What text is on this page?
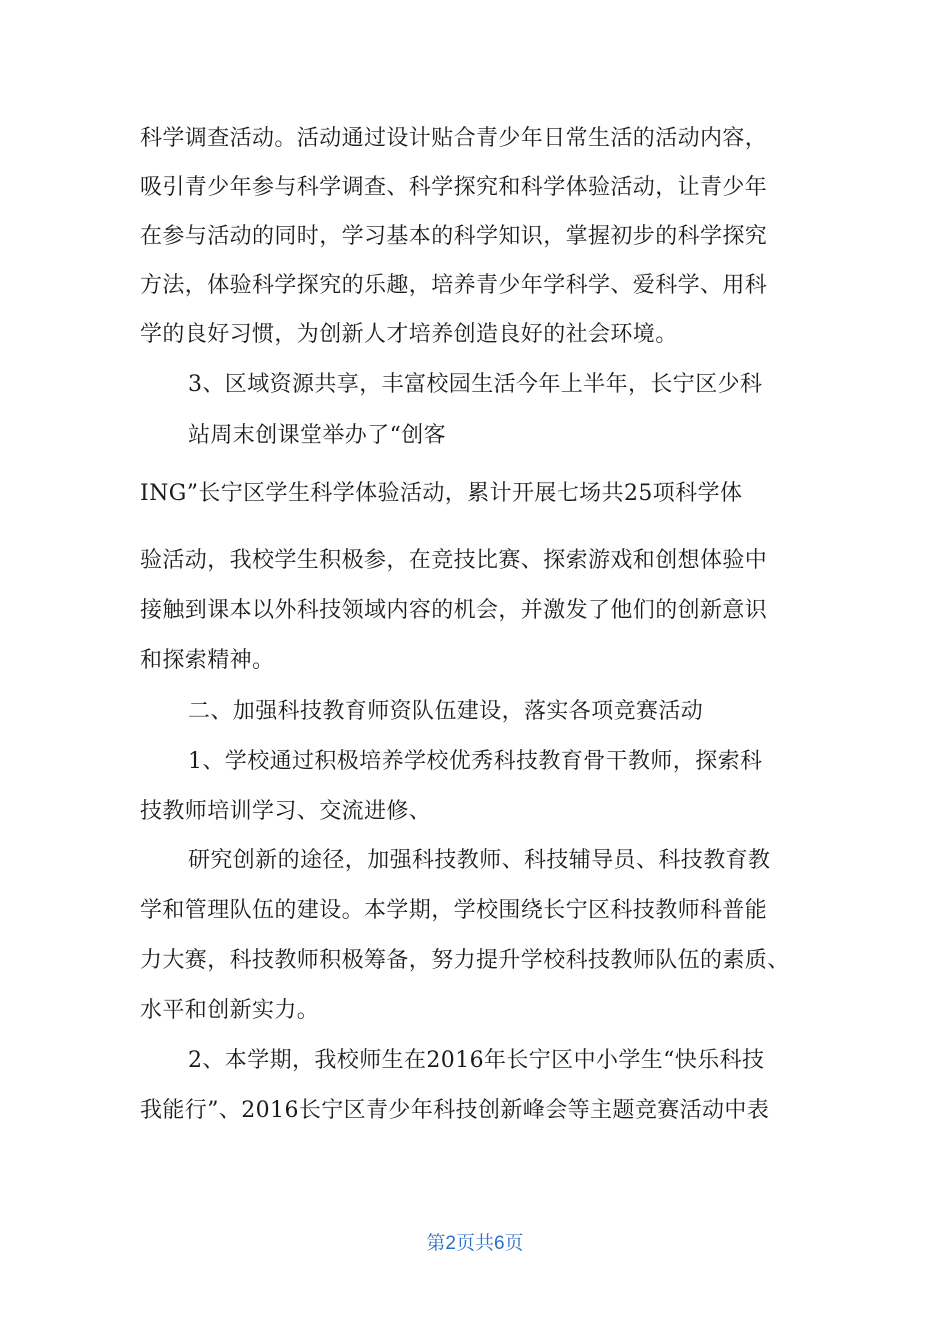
科学调查活动。活动通过设计贴合青少年日常生活的活动内容，
吸引青少年参与科学调查、科学探究和科学体验活动，让青少年
在参与活动的同时，学习基本的科学知识，掌握初步的科学探究
方法，体验科学探究的乐趣，培养青少年学科学、爱科学、用科
学的良好习惯，为创新人才培养创造良好的社会环境。
3、区域资源共享，丰富校园生活今年上半年，长宁区少科
站周末创课堂举办了“创客
ING”长宁区学生科学体验活动，累计开展七场共25项科学体
验活动，我校学生积极参，在竞技比赛、探索游戏和创想体验中
接触到课本以外科技领域内容的机会，并激发了他们的创新意识
和探索精神。
二、加强科技教育师资队伍建设，落实各项竞赛活动
1、学校通过积极培养学校优秀科技教育骨干教师，探索科
技教师培训学习、交流进修、
研究创新的途径，加强科技教师、科技辅导员、科技教育教
学和管理队伍的建设。本学期，学校围绕长宁区科技教师科普能
力大赛，科技教师积极筹备，努力提升学校科技教师队伍的素质、
水平和创新实力。
2、本学期，我校师生在2016年长宁区中小学生“快乐科技
我能行”、2016长宁区青少年科技创新峰会等主题竞赛活动中表
第2页共6页
